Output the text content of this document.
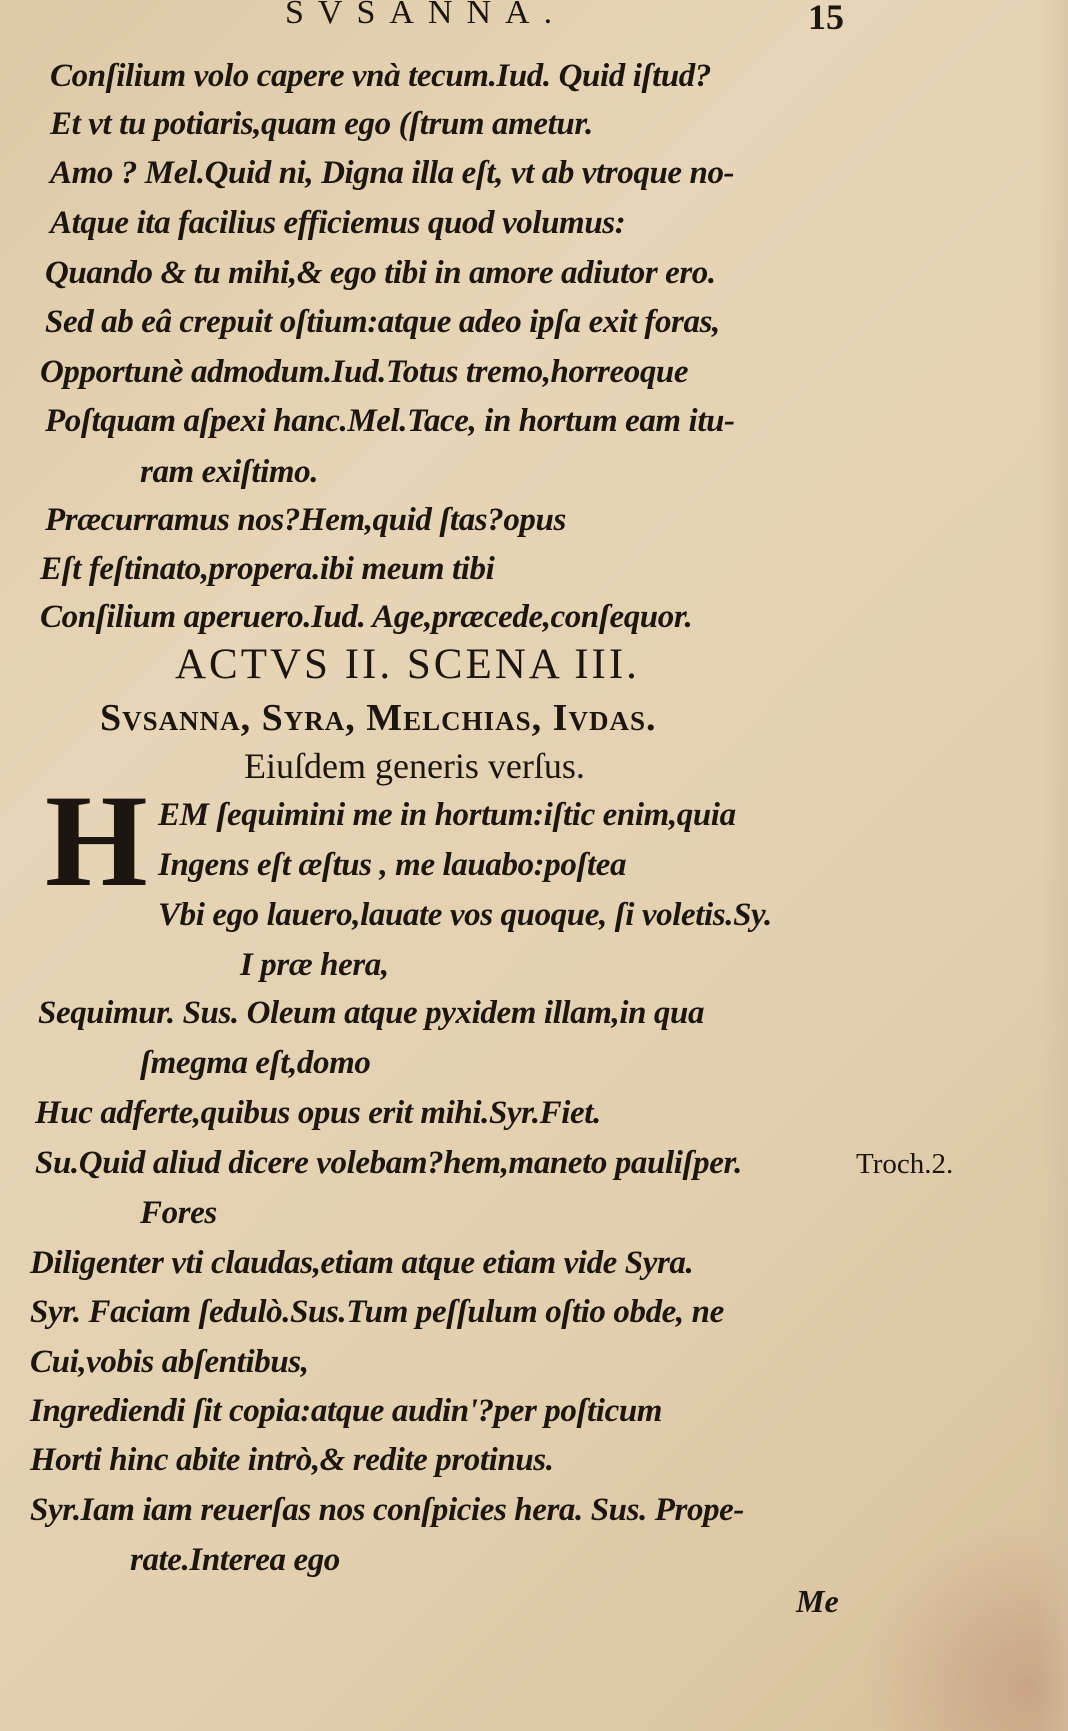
SVSANNA.	15
Conſilium volo capere vnà tecum.Iud. Quid iſtud?
Et vt tu potiaris,quam ego (ſtrum ametur.
Amo ? Mel.Quid ni, Digna illa eſt, vt ab vtroque no-
Atque ita facilius efficiemus quod volumus:
Quando & tu mihi,& ego tibi in amore adiutor ero.
Sed ab eâ crepuit oſtium:atque adeo ipſa exit foras,
Opportunè admodum.Iud.Totus tremo,horreoque
Poſtquam aſpexi hanc.Mel.Tace, in hortum eam itu-
ram exiſtimo.
Præcurramus nos?Hem,quid ſtas?opus
Eſt feſtinato,propera.ibi meum tibi
Conſilium aperuero.Iud. Age,præcede,conſequor.
ACTVS II. SCENA III.
Svsanna, Syra, Melchias, Ivdas.
Eiuſdem generis verſus.
H EM ſequimini me in hortum:iſtic enim,quia
Ingens eſt æſtus , me lauabo:poſtea
Vbi ego lauero,lauate vos quoque, ſi voletis.Sy.
I præ hera,
Sequimur. Sus. Oleum atque pyxidem illam,in qua
ſmegma eſt,domo
Huc adferte,quibus opus erit mihi.Syr.Fiet.
Su.Quid aliud dicere volebam?hem,maneto pauliſper.
Fores
Diligenter vti claudas,etiam atque etiam vide Syra.
Syr. Faciam ſedulò.Sus.Tum peſſulum oſtio obde, ne
Cui,vobis abſentibus,
Ingrediendi ſit copia:atque audin'?per poſticum
Horti hinc abite intrò,& redite protinus.
Syr.Iam iam reuerſas nos conſpicies hera. Sus. Prope-
rate.Interea ego
Troch.2.
Me
